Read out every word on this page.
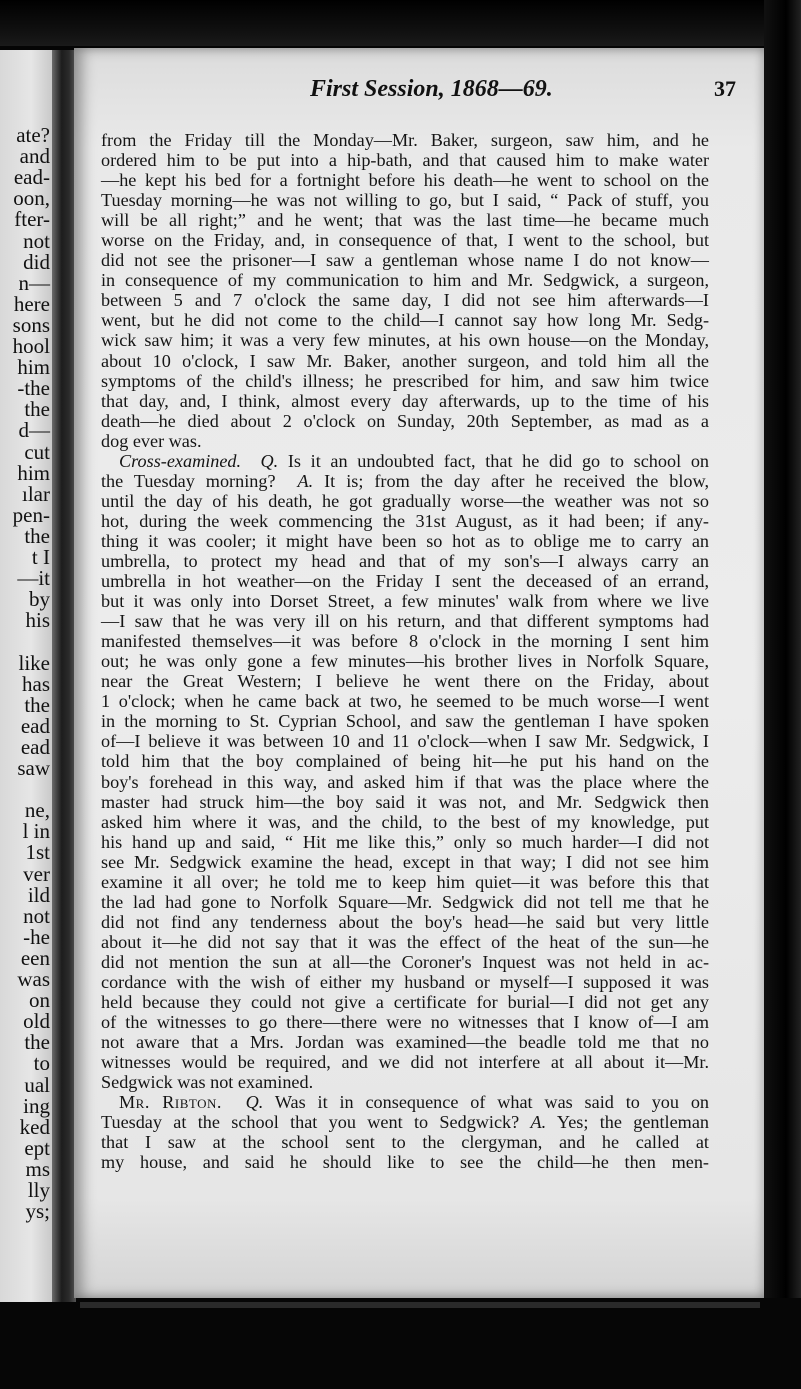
ate?
and
ead-
oon,
fter-
not
did
n—
here
sons
hool
him
-the
the
d—
cut
him
ılar
pen-
the
t I
—it
by
his
like
has
the
ead
ead
saw
ne,
l in
1st
ver
ild
not
-he
een
was
on
old
the
to
ual
ing
ked
ept
ms
lly
ys;
First Session, 1868—69.	37
from the Friday till the Monday—Mr. Baker, surgeon, saw him, and he
ordered him to be put into a hip-bath, and that caused him to make water
—he kept his bed for a fortnight before his death—he went to school on the
Tuesday morning—he was not willing to go, but I said, “ Pack of stuff, you
will be all right;” and he went; that was the last time—he became much
worse on the Friday, and, in consequence of that, I went to the school, but
did not see the prisoner—I saw a gentleman whose name I do not know—
in consequence of my communication to him and Mr. Sedgwick, a surgeon,
between 5 and 7 o'clock the same day, I did not see him afterwards—I
went, but he did not come to the child—I cannot say how long Mr. Sedg-
wick saw him; it was a very few minutes, at his own house—on the Monday,
about 10 o'clock, I saw Mr. Baker, another surgeon, and told him all the
symptoms of the child's illness; he prescribed for him, and saw him twice
that day, and, I think, almost every day afterwards, up to the time of his
death—he died about 2 o'clock on Sunday, 20th September, as mad as a
dog ever was.
Cross-examined. Q. Is it an undoubted fact, that he did go to school on
the Tuesday morning? A. It is; from the day after he received the blow,
until the day of his death, he got gradually worse—the weather was not so
hot, during the week commencing the 31st August, as it had been; if any-
thing it was cooler; it might have been so hot as to oblige me to carry an
umbrella, to protect my head and that of my son's—I always carry an
umbrella in hot weather—on the Friday I sent the deceased of an errand,
but it was only into Dorset Street, a few minutes' walk from where we live
—I saw that he was very ill on his return, and that different symptoms had
manifested themselves—it was before 8 o'clock in the morning I sent him
out; he was only gone a few minutes—his brother lives in Norfolk Square,
near the Great Western; I believe he went there on the Friday, about
1 o'clock; when he came back at two, he seemed to be much worse—I went
in the morning to St. Cyprian School, and saw the gentleman I have spoken
of—I believe it was between 10 and 11 o'clock—when I saw Mr. Sedgwick, I
told him that the boy complained of being hit—he put his hand on the
boy's forehead in this way, and asked him if that was the place where the
master had struck him—the boy said it was not, and Mr. Sedgwick then
asked him where it was, and the child, to the best of my knowledge, put
his hand up and said, “ Hit me like this,” only so much harder—I did not
see Mr. Sedgwick examine the head, except in that way; I did not see him
examine it all over; he told me to keep him quiet—it was before this that
the lad had gone to Norfolk Square—Mr. Sedgwick did not tell me that he
did not find any tenderness about the boy's head—he said but very little
about it—he did not say that it was the effect of the heat of the sun—he
did not mention the sun at all—the Coroner's Inquest was not held in ac-
cordance with the wish of either my husband or myself—I supposed it was
held because they could not give a certificate for burial—I did not get any
of the witnesses to go there—there were no witnesses that I know of—I am
not aware that a Mrs. Jordan was examined—the beadle told me that no
witnesses would be required, and we did not interfere at all about it—Mr.
Sedgwick was not examined.
Mr. Ribton. Q. Was it in consequence of what was said to you on
Tuesday at the school that you went to Sedgwick? A. Yes; the gentleman
that I saw at the school sent to the clergyman, and he called at
my house, and said he should like to see the child—he then men-
